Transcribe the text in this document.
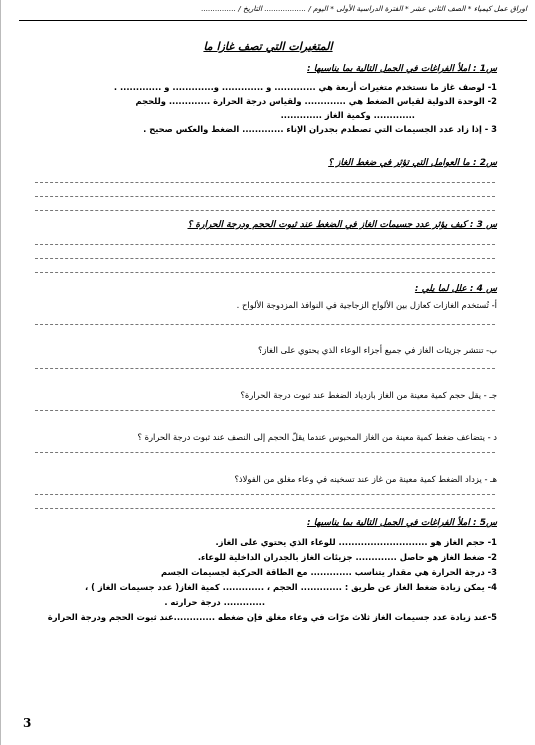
اوراق عمل كيمياء * الصف الثاني عشر * الفترة الدراسية الأولى * اليوم / .................. التاريخ / ...............
المتغيرات التي تصف غازا ما
س1 : املأ الفراغات في الجمل التالية بما يناسبها :
1- لوصف غاز ما نستخدم متغيرات أربعة هي ............. و ............. و............. و ............. .
2- الوحدة الدولية لقياس الضغط هي ............. ولقياس درجة الحرارة ............. وللحجم
............. وكمية الغاز .............
3 - إذا زاد عدد الجسيمات التي تصطدم بجدران الإناء ............. الضغط والعكس صحيح .
س2 : ما العوامل التي تؤثر في ضغط الغاز ؟
س 3 : كيف يؤثر عدد جسيمات الغاز في الضغط عند ثبوت الحجم ودرجة الحرارة ؟
س 4 : علل لما يلي :
أ- تُستخدم الغازات كعازل بين الألواح الزجاجية في النوافذ المزدوجة الألواح .
ب- تنتشر جزيئات الغاز في جميع أجزاء الوعاء الذي يحتوي على الغاز؟
جـ - يقل حجم كمية معينة من الغاز بازدياد الضغط عند ثبوت درجة الحرارة؟
د - يتضاعف ضغط كمية معينة من الغاز المحبوس عندما يقلّ الحجم إلى النصف عند ثبوت درجة الحرارة ؟
هـ - يزداد الضغط كمية معينة من غاز عند تسخينه في وعاء مغلق من الفولاذ؟
س5 : املأ الفراغات في الجمل التالية بما يناسبها :
1- حجم الغاز هو ............................ للوعاء الذي يحتوي على الغاز.
2- ضغط الغاز هو حاصل ............. جزيئات الغاز بالجدران الداخلية للوعاء.
3- درجة الحرارة هي مقدار يتناسب ............. مع الطاقة الحركية لجسيمات الجسم
4- يمكن زيادة ضغط الغاز عن طريق : ............. الحجم ، ............. كمية الغاز( عدد جسيمات الغاز ) ،
............. درجة حرارته .
5-عند زيادة عدد جسيمات الغاز ثلاث مرّات في وعاء مغلق فإن ضغطه .............عند ثبوت الحجم ودرجة الحرارة
3
